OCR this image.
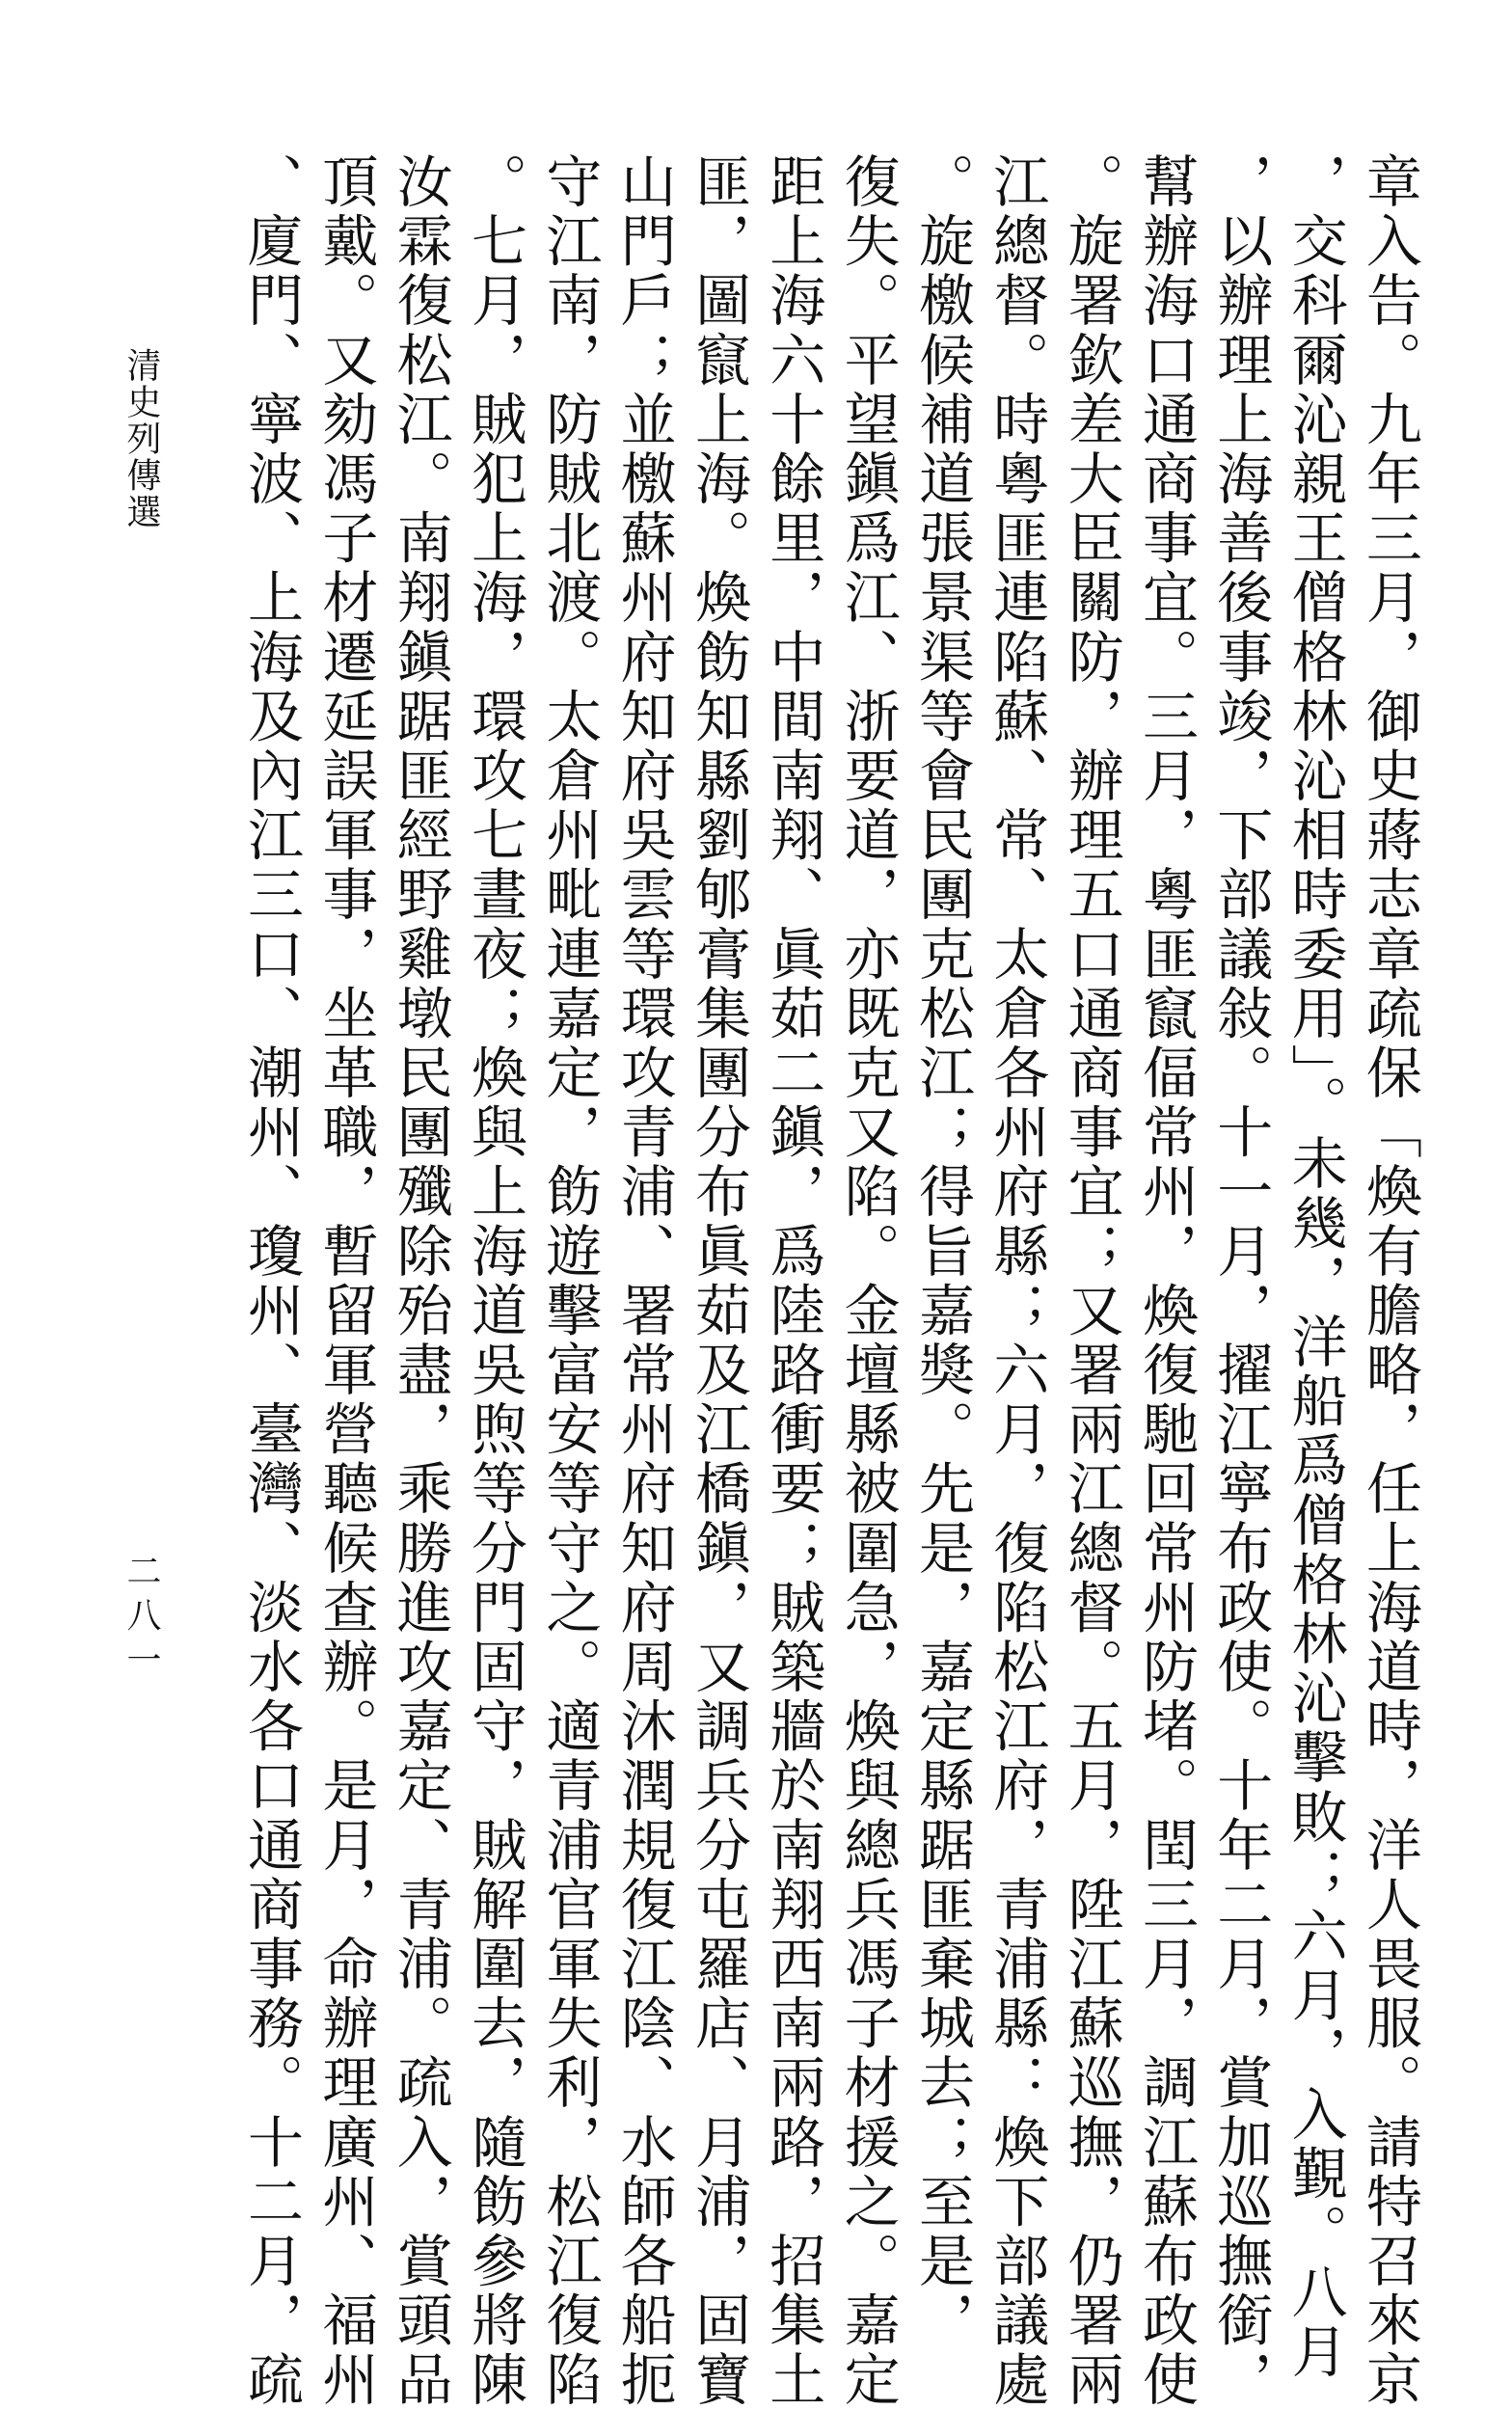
清史列傳選
二八一	章入告。九年三月，御史蔣志章疏保「煥有膽略，任上海道時，洋人畏服。請特召來京
，交科爾沁親王僧格林沁相時委用」。未幾，洋船爲僧格林沁擊敗；六月，入覲。八月
，以辦理上海善後事竣，下部議敍。十一月，擢江寧布政使。十年二月，賞加巡撫銜，
幫辦海口通商事宜。三月，粵匪竄偪常州，煥復馳回常州防堵。閏三月，調江蘇布政使
。旋署欽差大臣關防，辦理五口通商事宜；又署兩江總督。五月，陞江蘇巡撫，仍署兩
江總督。時粵匪連陷蘇、常、太倉各州府縣；六月，復陷松江府，青浦縣：煥下部議處
。旋檄候補道張景渠等會民團克松江；得旨嘉獎。先是，嘉定縣踞匪棄城去；至是，
復失。平望鎭爲江、浙要道，亦既克又陷。金壇縣被圍急，煥與總兵馮子材援之。嘉定
距上海六十餘里，中間南翔、眞茹二鎭，爲陸路衝要；賊築牆於南翔西南兩路，招集土
匪，圖竄上海。煥飭知縣劉郇膏集團分布眞茹及江橋鎭，又調兵分屯羅店、月浦，固寶
山門戶；並檄蘇州府知府吳雲等環攻青浦、署常州府知府周沐潤規復江陰、水師各船扼
守江南，防賊北渡。太倉州毗連嘉定，飭遊擊富安等守之。適青浦官軍失利，松江復陷
。七月，賊犯上海，環攻七晝夜；煥與上海道吳煦等分門固守，賊解圍去，隨飭參將陳
汝霖復松江。南翔鎭踞匪經野雞墩民團殲除殆盡，乘勝進攻嘉定、青浦。疏入，賞頭品
頂戴。又劾馮子材遷延誤軍事，坐革職，暫留軍營聽候查辦。是月，命辦理廣州、福州
、廈門、寧波、上海及內江三口、潮州、瓊州、臺灣、淡水各口通商事務。十二月，疏
